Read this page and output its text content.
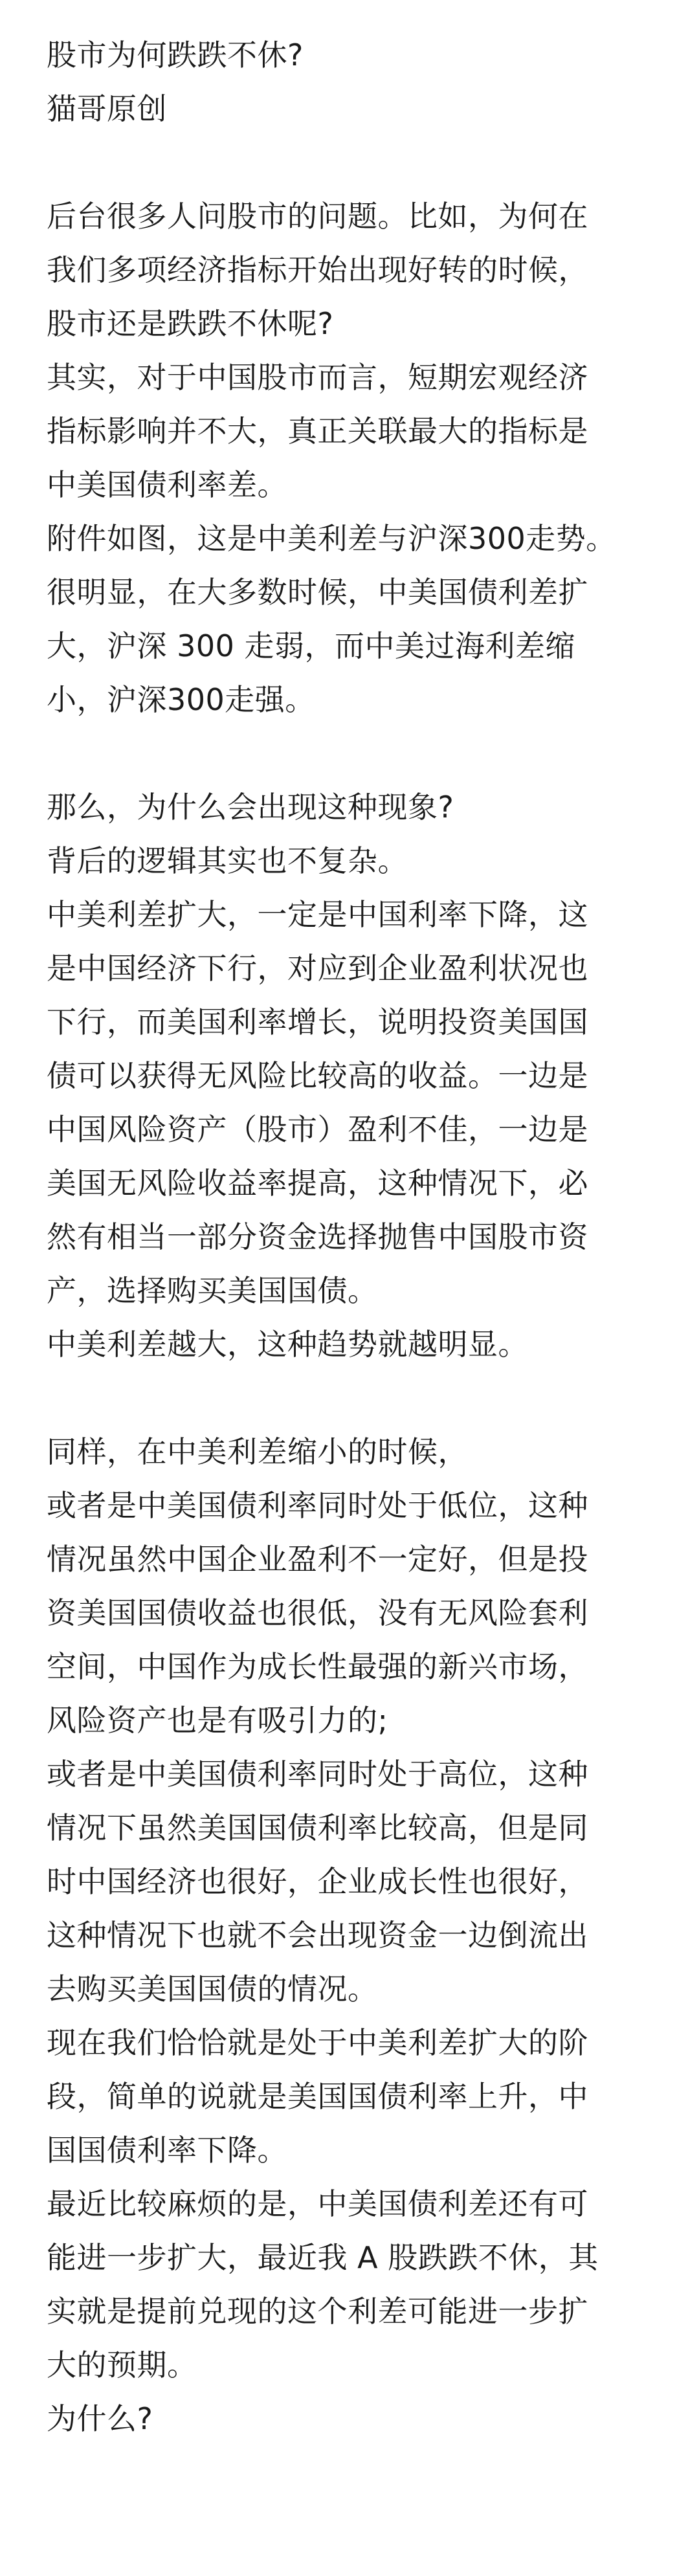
股市为何跌跌不休?
猫哥原创
后台很多人问股市的问题。比如，为何在
我们多项经济指标开始出现好转的时候，
股市还是跌跌不休呢?
其实，对于中国股市而言，短期宏观经济
指标影响并不大，真正关联最大的指标是
中美国债利率差。
附件如图，这是中美利差与沪深300走势。
很明显，在大多数时候，中美国债利差扩
大，沪深 300 走弱，而中美过海利差缩
小，沪深300走强。
那么，为什么会出现这种现象?
背后的逻辑其实也不复杂。
中美利差扩大，一定是中国利率下降，这
是中国经济下行，对应到企业盈利状况也
下行，而美国利率增长，说明投资美国国
债可以获得无风险比较高的收益。一边是
中国风险资产（股市）盈利不佳，一边是
美国无风险收益率提高，这种情况下，必
然有相当一部分资金选择抛售中国股市资
产，选择购买美国国债。
中美利差越大，这种趋势就越明显。
同样，在中美利差缩小的时候，
或者是中美国债利率同时处于低位，这种
情况虽然中国企业盈利不一定好，但是投
资美国国债收益也很低，没有无风险套利
空间，中国作为成长性最强的新兴市场，
风险资产也是有吸引力的;
或者是中美国债利率同时处于高位，这种
情况下虽然美国国债利率比较高，但是同
时中国经济也很好，企业成长性也很好，
这种情况下也就不会出现资金一边倒流出
去购买美国国债的情况。
现在我们恰恰就是处于中美利差扩大的阶
段，简单的说就是美国国债利率上升，中
国国债利率下降。
最近比较麻烦的是，中美国债利差还有可
能进一步扩大，最近我 A 股跌跌不休，其
实就是提前兑现的这个利差可能进一步扩
大的预期。
为什么?
